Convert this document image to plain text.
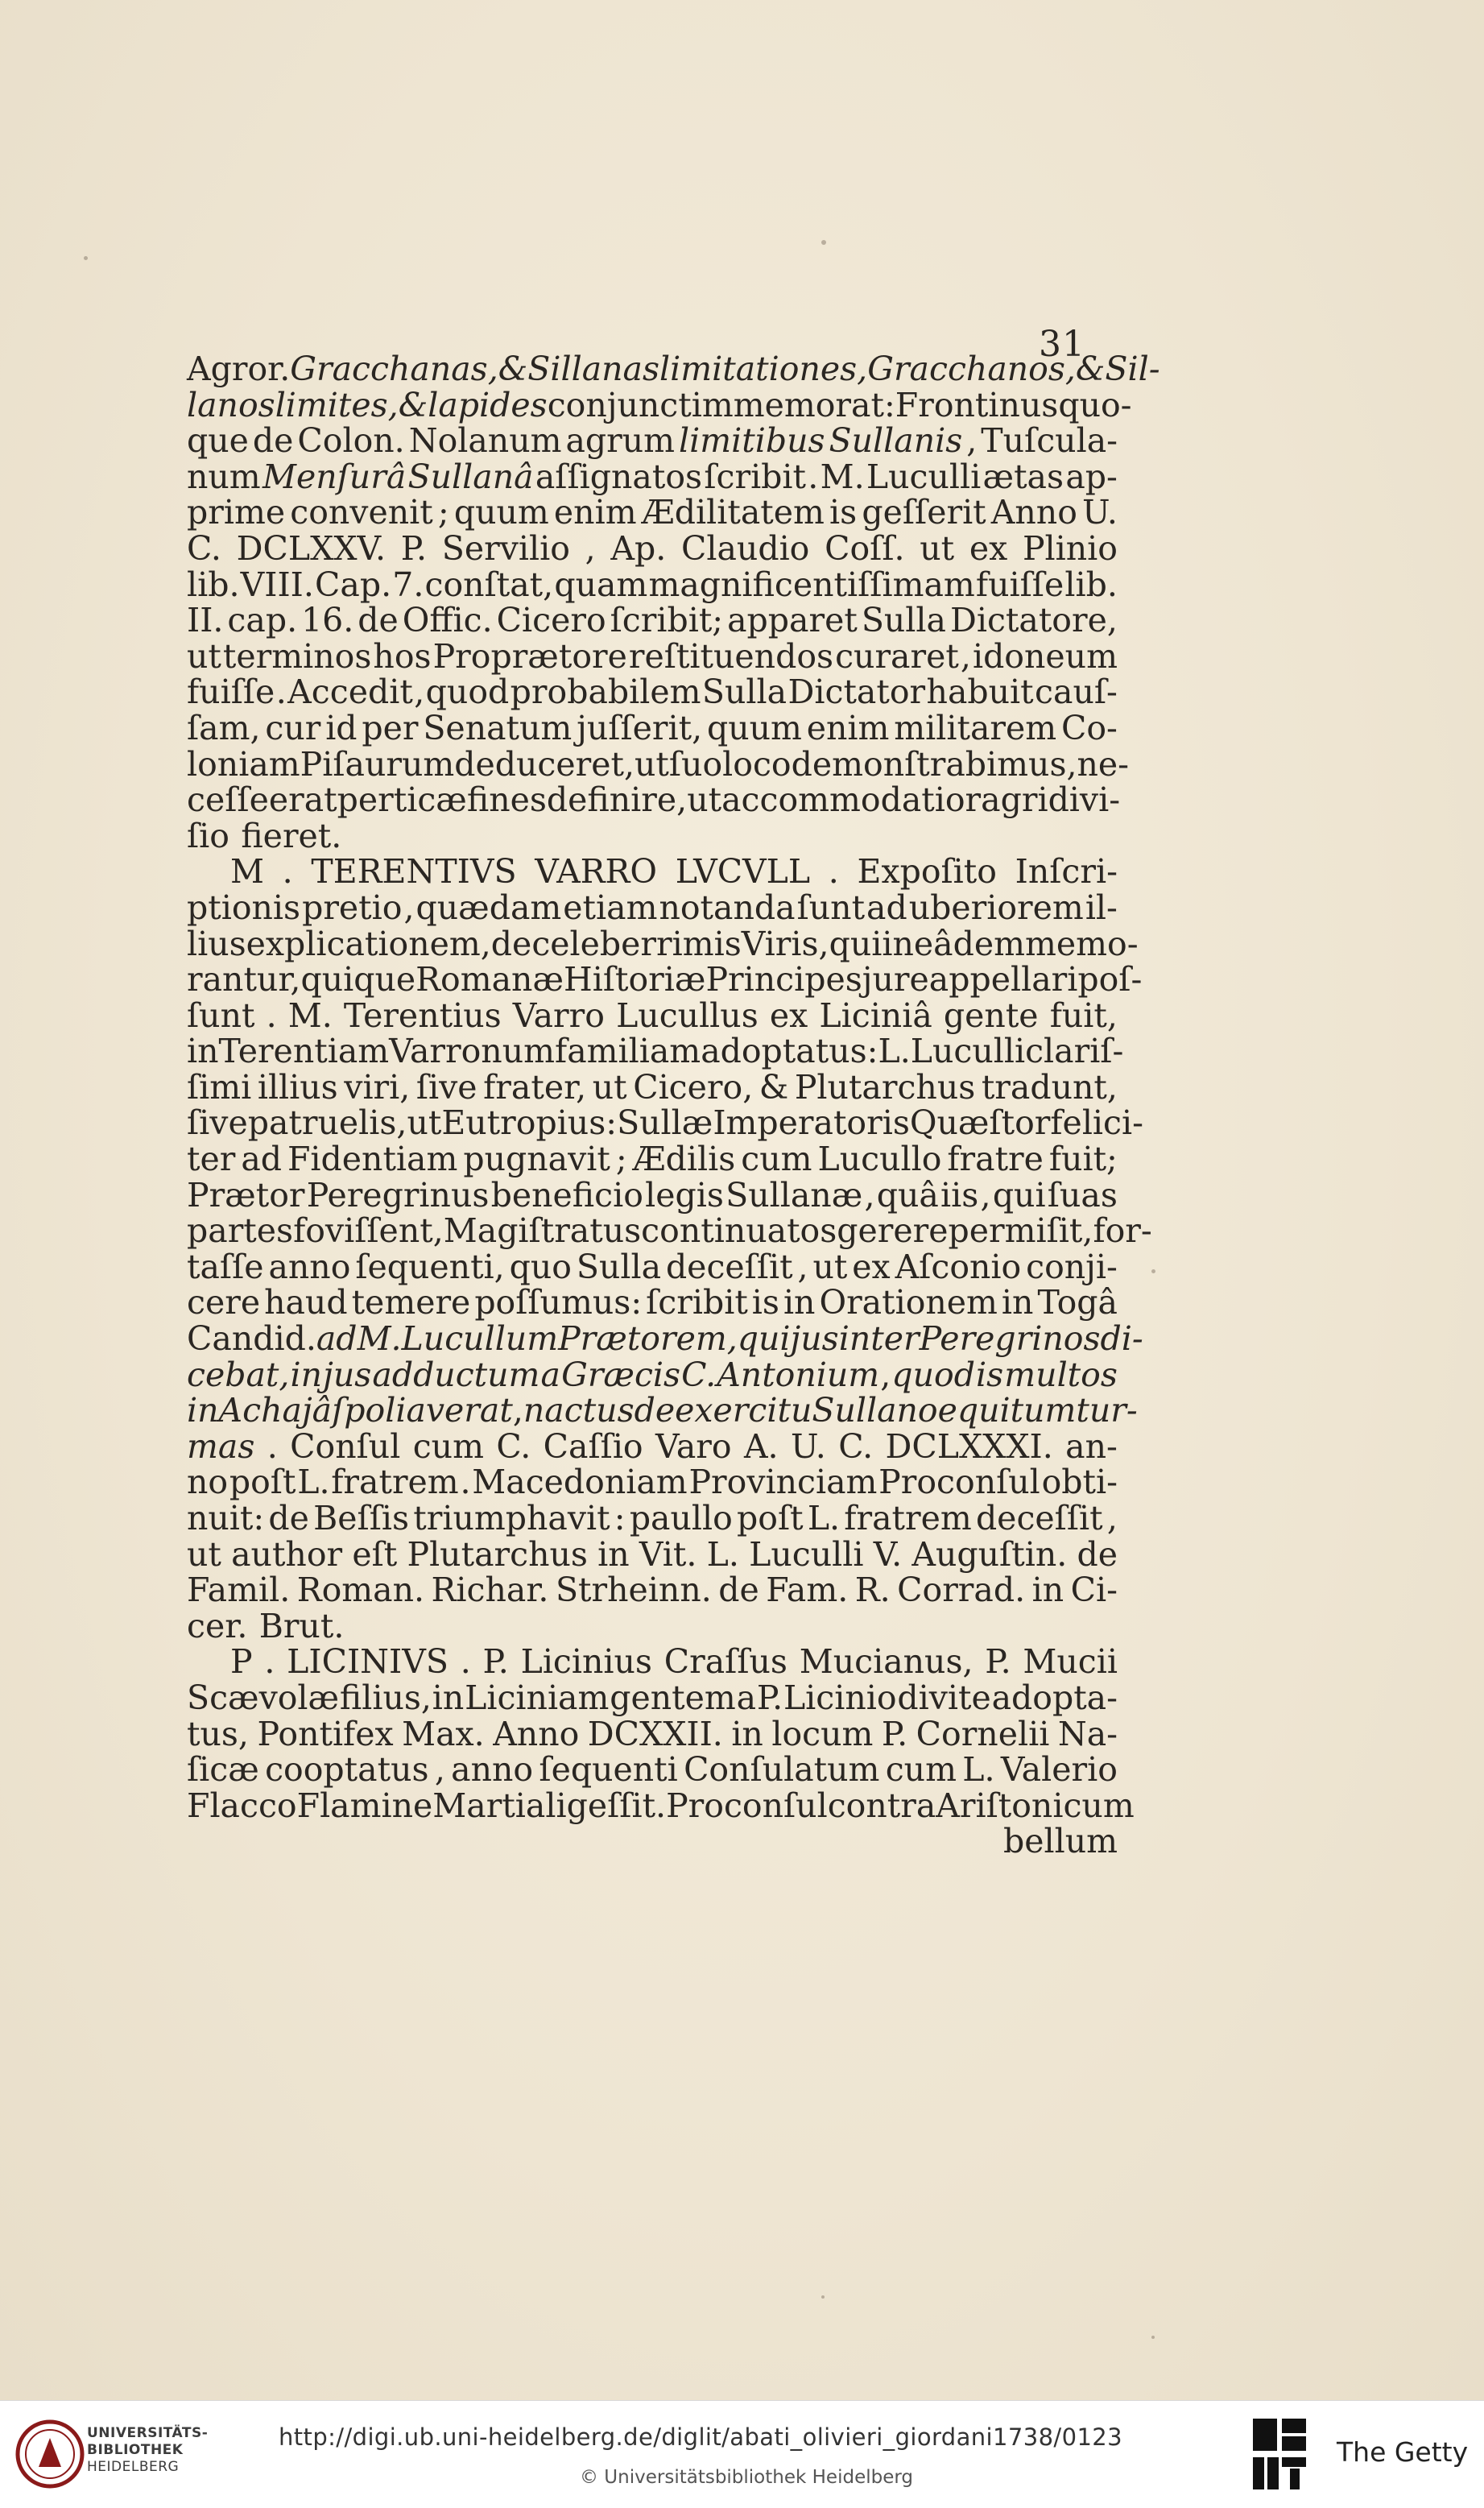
31
Agror. Gracchanas, & Sillanas limitationes, Gracchanos, & Sil-
lanos limites, & lapides conjunctim memorat : Frontinus quo-
que de Colon. Nolanum agrum limitibus Sullanis , Tuſcula-
num Menſurâ Sullanâ aſſignatos ſcribit . M. Luculli ætas ap-
prime convenit ; quum enim Ædilitatem is geſſerit Anno U.
C. DCLXXV. P. Servilio , Ap. Claudio Coſſ. ut ex Plinio
lib. VIII. Cap. 7. conſtat, quam magnificentiſſimam fuiſſe lib.
II. cap. 16. de Offic. Cicero ſcribit; apparet Sulla Dictatore,
ut terminos hos Proprætore reſtituendos curaret , idoneum
fuiſſe . Accedit , quod probabilem Sulla Dictator habuit cauſ-
ſam, cur id per Senatum juſſerit, quum enim militarem Co-
loniam Piſaurum deduceret, ut ſuo loco demonſtrabimus, ne-
ceſſe erat perticæ fines definire , ut accommodatior agri divi-
ſio fieret.
M . TERENTIVS VARRO LVCVLL . Expoſito Inſcri-
ptionis pretio , quædam etiam notanda ſunt ad uberiorem il-
lius explicationem, de celeberrimis Viris, qui in eâdem memo-
rantur, quique Romanæ Hiſtoriæ Principes jure appellari poſ-
ſunt . M. Terentius Varro Lucullus ex Liciniâ gente fuit,
in Terentiam Varronum familiam adoptatus: L. Luculli clariſ-
ſimi illius viri, ſive frater, ut Cicero, & Plutarchus tradunt,
ſive patruelis, ut Eutropius: Sullæ Imperatoris Quæſtor felici-
ter ad Fidentiam pugnavit ; Ædilis cum Lucullo fratre fuit;
Prætor Peregrinus beneficio legis Sullanæ , quâ iis , qui ſuas
partes foviſſent , Magiſtratus continuatos gerere permiſit , for-
taſſe anno ſequenti, quo Sulla deceſſit , ut ex Aſconio conji-
cere haud temere poſſumus: ſcribit is in Orationem in Togâ
Candid. ad M. Lucullum Prætorem, qui jus inter Peregrinos di-
cebat, in jus adductum a Græcis C. Antonium , quod is multos
in Achajâ ſpoliaverat , nactus de exercitu Sullano equitum tur-
mas . Conſul cum C. Caſſio Varo A. U. C. DCLXXXI. an-
no poſt L. fratrem . Macedoniam Provinciam Proconſul obti-
nuit: de Beſſis triumphavit : paullo poſt L. fratrem deceſſit ,
ut author eſt Plutarchus in Vit. L. Luculli V. Auguſtin. de
Famil. Roman. Richar. Strheinn. de Fam. R. Corrad. in Ci-
cer. Brut.
P . LICINIVS . P. Licinius Craſſus Mucianus, P. Mucii
Scævolæ filius, in Liciniam gentem a P. Licinio divite adopta-
tus, Pontifex Max. Anno DCXXII. in locum P. Cornelii Na-
ſicæ cooptatus , anno ſequenti Conſulatum cum L. Valerio
Flacco Flamine Martiali geſſit. Proconſul contra Ariſtonicum
bellum
UNIVERSITÄTS-
BIBLIOTHEK
HEIDELBERG
http://digi.ub.uni-heidelberg.de/diglit/abati_olivieri_giordani1738/0123
© Universitätsbibliothek Heidelberg
The Getty
